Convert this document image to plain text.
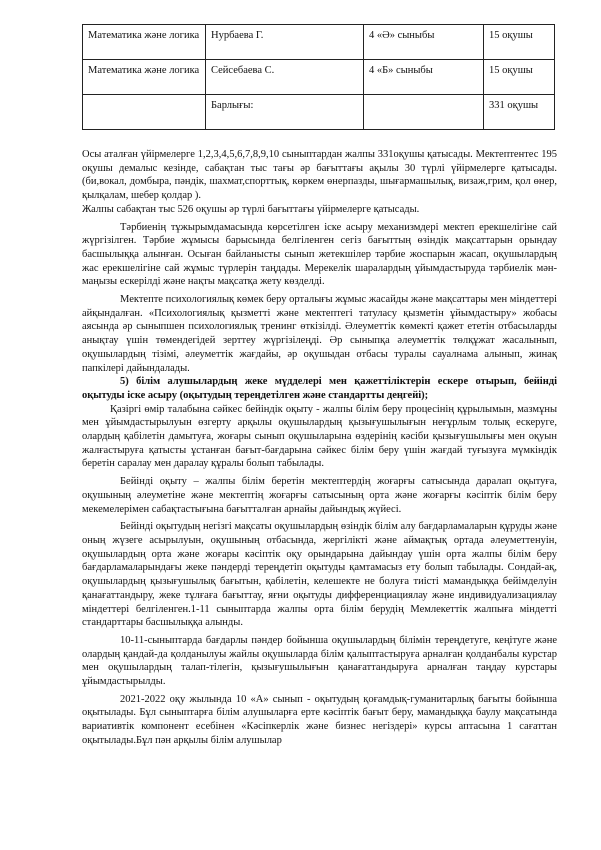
Математика және логика	Нурбаева Г.	4 «Ә» сыныбы	15 оқушы
Математика және логика	Сейсебаева С.	4 «Б» сыныбы	15 оқушы
	Барлығы:		331 оқушы

Осы аталған үйірмелерге 1,2,3,4,5,6,7,8,9,10 сыныптардан жалпы 331оқушы қатысады. Мектептентес 195 оқушы демалыс кезінде, сабақтан тыс тағы әр бағыттағы ақылы 30 түрлі үйірмелерге қатысады. (би,вокал, домбыра, пәндік, шахмат,спорттық, көркем өнерпазды, шығармашылық, визаж,грим, қол өнер, қылқалам, шебер қолдар ).

Жалпы сабақтан тыс 526 оқушы әр түрлі бағыттағы үйірмелерге қатысады.

Тәрбиенің тұжырымдамасында көрсетілген іске асыру механизмдері мектеп ерекшелігіне сай жүргізілген. Тәрбие жұмысы барысында белгіленген сегіз бағыттың өзіндік мақсаттарын орындау басшылыққа алынған. Осыған байланысты сынып жетекшілер тәрбие жоспарын жасап, оқушылардың жас ерекшелігіне сай жұмыс түрлерін таңдады. Мерекелік шаралардың ұйымдастыруда тәрбиелік мән-маңызы ескерілді және нақты мақсатқа жету көзделді.

Мектепте психологиялық көмек беру орталығы жұмыс жасайды және мақсаттары мен міндеттері айқындалған. «Психологиялық қызметті және мектептегі татуласу қызметін ұйымдастыру» жобасы аясында әр сыныпшен психологиялық тренинг өткізілді. Әлеуметтік көмекті қажет ететін отбасыларды анықтау үшін төмендегідей зерттеу жүргізілеңді. Әр сыныпқа әлеуметтік төлқұжат жасалынып, оқушылардың тізімі, әлеуметтік жағдайы, әр оқушыдан отбасы туралы сауалнама алынып, жинақ папкілері дайындалады.

5) білім алушылардың жеке мүдделері мен қажеттіліктерін ескере отырып, бейінді оқытуды іске асыру (оқытудың тереңдетілген және стандартты деңгейі);

Қазіргі өмір талабына сәйкес бейіндік оқыту - жалпы білім беру процесінің құрылымын, мазмұны мен ұйымдастырылуын өзгерту арқылы оқушылардың қызығушылығын неғұрлым толық ескеруге, олардың қабілетін дамытуға, жоғары сынып оқушыларына өздерінің кәсіби қызығушылығы мен оқуын жалғастыруға қатысты ұстанған бағыт-бағдарына сәйкес білім беру үшін жағдай туғызуға мүмкіндік беретін саралау мен даралау құралы болып табылады.

Бейінді оқыту – жалпы білім беретін мектептердің жоғарғы сатысында даралап оқытуға, оқушының әлеуметіне және мектептің жоғарғы сатысының орта және жоғарғы кәсіптік білім беру мекемелерімен сабақтастығына бағытталған арнайы дайындық жүйесі.

Бейінді оқытудың негізгі мақсаты оқушылардың өзіндік білім алу бағдарламаларын құруды және оның жүзеге асырылуын, оқушының отбасында, жергілікті және аймақтық ортада әлеуметтенуін, оқушылардың орта және жоғары кәсіптік оқу орындарына дайындау үшін орта жалпы білім беру бағдарламаларындағы жеке пәндерді тереңдетіп оқытуды қамтамасыз ету болып табылады. Сондай-ақ, оқушылардың қызығушылық бағытын, қабілетін, келешекте не болуға тиісті мамандыққа бейімделуін қанағаттандыру, жеке тұлғаға бағыттау, яғни оқытуды дифференциациялау және индивидуализациялау міндеттері белгіленген.1-11 сыныптарда жалпы орта білім берудің Мемлекеттік жалпыға міндетті стандарттары басшылыққа алынды.

10-11-сыныптарда бағдарлы пәндер бойынша оқушылардың білімін тереңдетуге, кеңітуге және олардың қандай-да қолданылуы жайлы оқушыларда білім қалыптастыруға арналған қолданбалы курстар мен оқушылардың талап-тілегін, қызығушылығын қанағаттандыруға арналған таңдау курстары ұйымдастырылды.

2021-2022 оқу жылында 10 «А» сынып - оқытудың қоғамдық-гуманитарлық бағыты бойынша оқытылады. Бұл сыныптарға білім алушыларға ерте кәсіптік бағыт беру, мамандыққа баулу мақсатында вариативтік компонент есебінен «Кәсіпкерлік және бизнес негіздері» курсы аптасына 1 сағаттан оқытылады.Бұл пән арқылы білім алушылар
